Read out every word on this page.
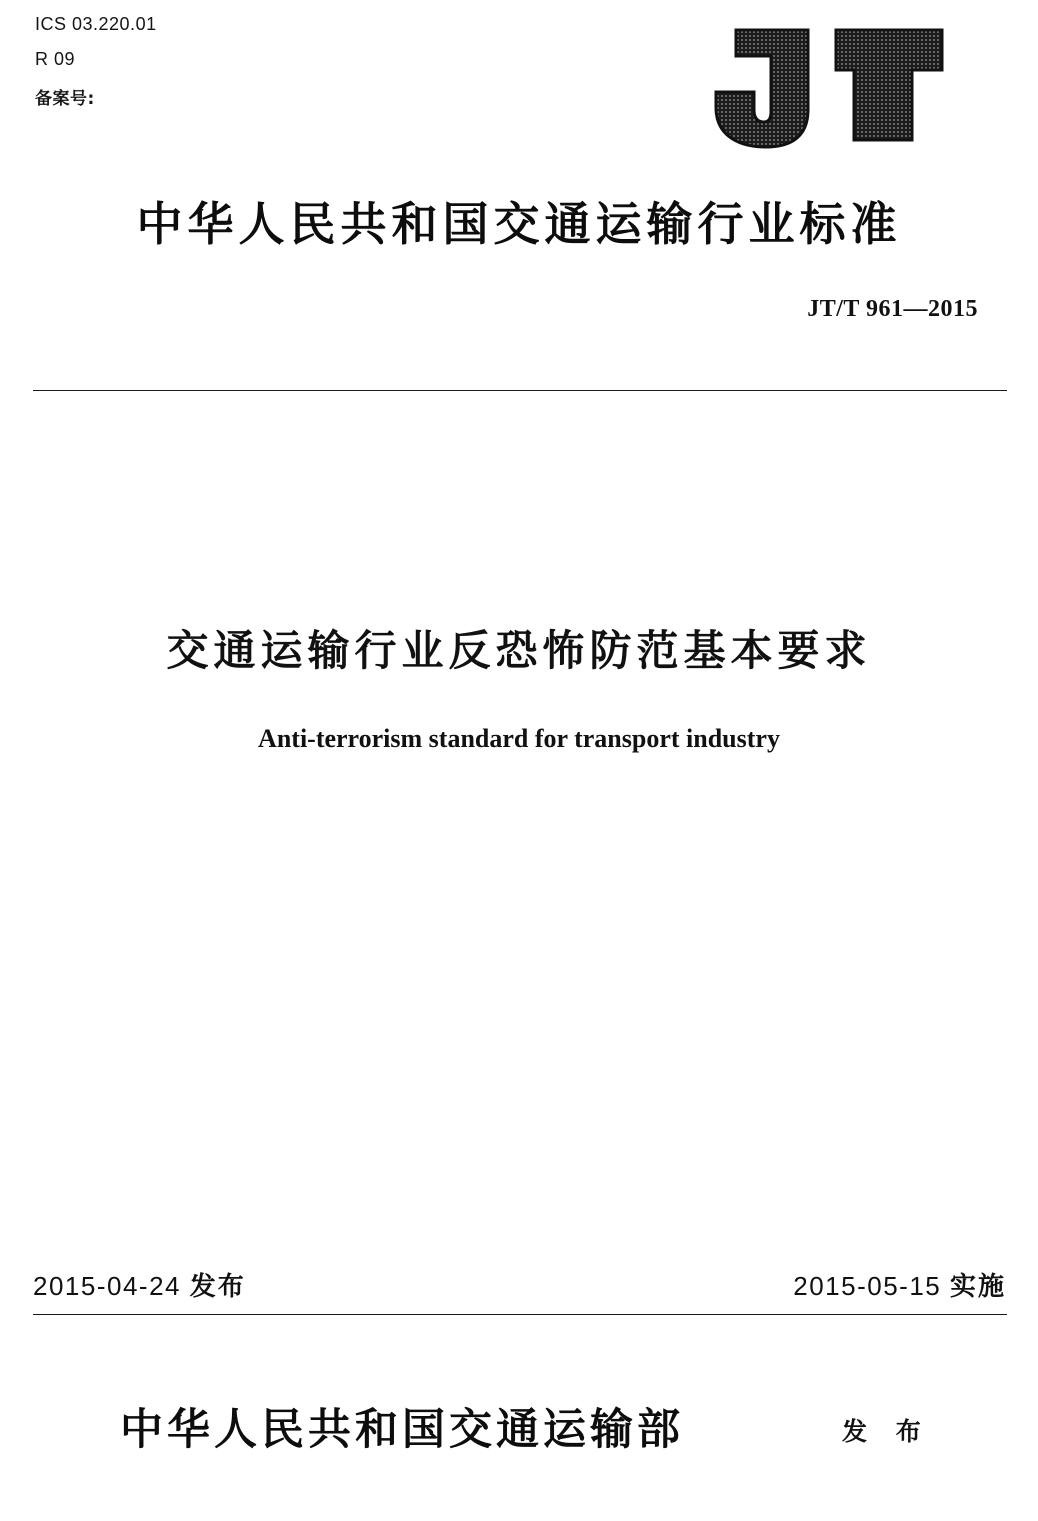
ICS 03.220.01
R 09
备案号:
中华人民共和国交通运输行业标准
JT/T 961—2015
交通运输行业反恐怖防范基本要求
Anti-terrorism standard for transport industry
2015-04-24 发布	2015-05-15 实施
中华人民共和国交通运输部	发 布
